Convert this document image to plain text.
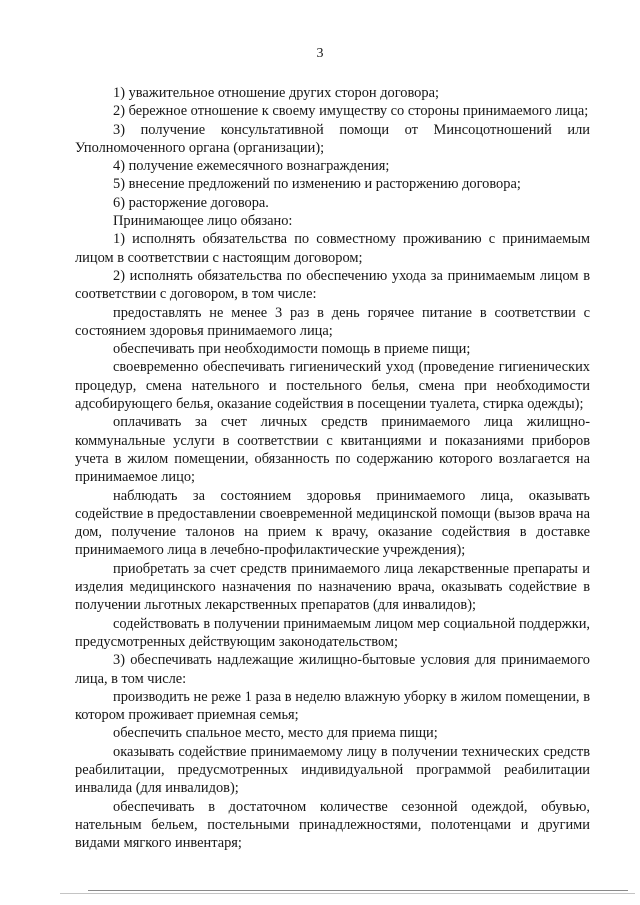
3

1) уважительное отношение других сторон договора;

2) бережное отношение к своему имуществу со стороны принимаемого лица;

3) получение консультативной помощи от Минсоцотношений или Уполномоченного органа (организации);

4) получение ежемесячного вознаграждения;

5) внесение предложений по изменению и расторжению договора;

6) расторжение договора.

Принимающее лицо обязано:

1) исполнять обязательства по совместному проживанию с принимаемым лицом в соответствии с настоящим договором;

2) исполнять обязательства по обеспечению ухода за принимаемым лицом в соответствии с договором, в том числе:

предоставлять не менее 3 раз в день горячее питание в соответствии с состоянием здоровья принимаемого лица;

обеспечивать при необходимости помощь в приеме пищи;

своевременно обеспечивать гигиенический уход (проведение гигиенических процедур, смена нательного и постельного белья, смена при необходимости адсобирующего белья, оказание содействия в посещении туалета, стирка одежды);

оплачивать за счет личных средств принимаемого лица жилищно-коммунальные услуги в соответствии с квитанциями и показаниями приборов учета в жилом помещении, обязанность по содержанию которого возлагается на принимаемое лицо;

наблюдать за состоянием здоровья принимаемого лица, оказывать содействие в предоставлении своевременной медицинской помощи (вызов врача на дом, получение талонов на прием к врачу, оказание содействия в доставке принимаемого лица в лечебно-профилактические учреждения);

приобретать за счет средств принимаемого лица лекарственные препараты и изделия медицинского назначения по назначению врача, оказывать содействие в получении льготных лекарственных препаратов (для инвалидов);

содействовать в получении принимаемым лицом мер социальной поддержки, предусмотренных действующим законодательством;

3) обеспечивать надлежащие жилищно-бытовые условия для принимаемого лица, в том числе:

производить не реже 1 раза в неделю влажную уборку в жилом помещении, в котором проживает приемная семья;

обеспечить спальное место, место для приема пищи;

оказывать содействие принимаемому лицу в получении технических средств реабилитации, предусмотренных индивидуальной программой реабилитации инвалида (для инвалидов);

обеспечивать в достаточном количестве сезонной одеждой, обувью, нательным бельем, постельными принадлежностями, полотенцами и другими видами мягкого инвентаря;
